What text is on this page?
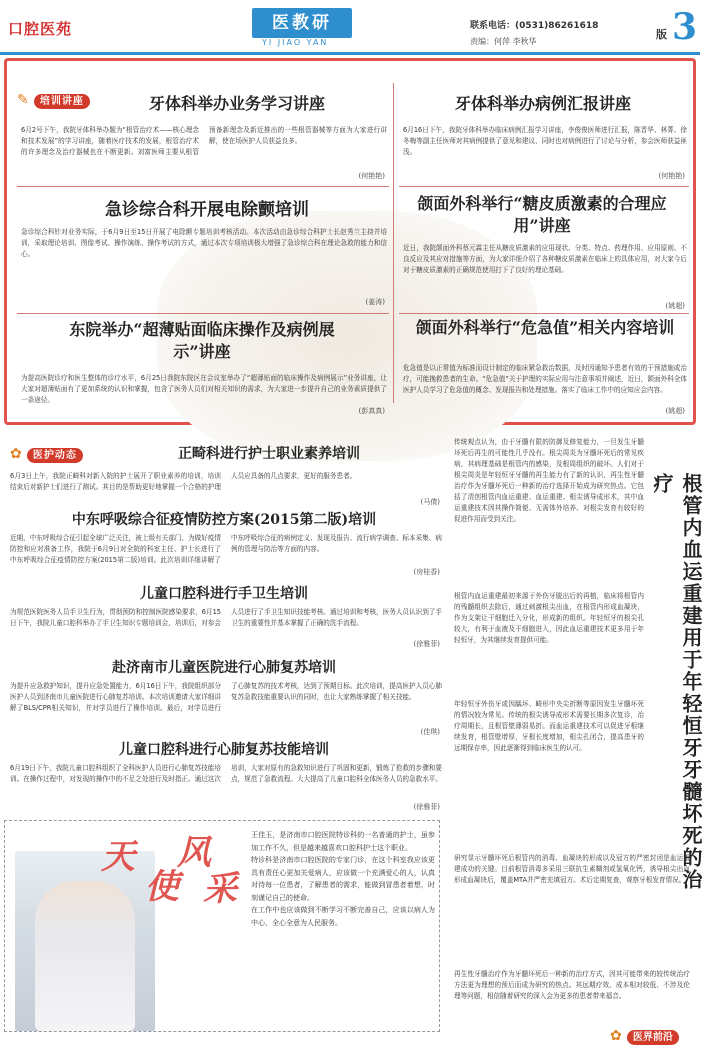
口腔医苑	医教研
YI JIAO YAN
联系电话：(0531)86261618
责编：何萍 李秋华
版 3
✎ 培训讲座	牙体科举办业务学习讲座
6月2号下午，我院牙体科举办题为“根管治疗术——核心理念和技术发展”的学习讲座，随着医疗技术的发展，根管治疗术的许多理念及治疗器械也在不断更新。刘富医师主要从根管预备新理念及新近推出的一些根管器械等方面为大家进行讲解，使在场医护人员获益良多。
(何艳艳)
牙体科举办病例汇报讲座
6月16日下午，我院牙体科举办临床病例汇报学习讲座，李俊俊医师进行汇报，陈晋华、林菁、徐冬梅等副主任医师对其病例提供了意见和建议，同时也对病例进行了讨论与分析，参会医师获益匪浅。
(何艳艳)
急诊综合科开展电除颤培训
急诊综合科针对业务实际，于6月9日至15日开展了电除颤专题培训考核活动。本次活动由急诊综合科护士长赵秀兰主持并培训，采取理论培训、图像考试、操作演练、操作考试的方式，通过本次专项培训极大增强了急诊综合科在理论急救的能力和信心。
(姜涛)
颌面外科举行“糖皮质激素的合理应用”讲座
近日，我院颌面外科蔡元霖主任从糖皮质激素的应用现状、分类、特点、药理作用、应用原则、不良反应及其应对措施等方面，为大家详细介绍了各种糖皮质激素在临床上的具体应用，对大家今后对于糖皮质激素的正确规范使用打下了良好的理论基础。
(姚超)
东院举办“超薄贴面临床操作及病例展示”讲座
为提高医院诊疗和医生整体的诊疗水平，6月25日我院东院区在会议室举办了“超薄贴面的临床操作及病例展示”业务讲座，让大家对超薄贴面有了更加系统的认识和掌握，包含了医务人员们对相关知识的需求，为大家进一步提升自己的业务素质提供了一条途径。
(彭真真)
颌面外科举行“危急值”相关内容培训
危急值是以正常值为标准而设计制定的临床紧急救治数据，及时因通知予患者有效的干预措施或治疗，可能挽救患者的生命。“危急值”关于护理的实际应用与注意事项并阐述，近日，颌面外科全体医护人员学习了危急值的概念、发现报告和处理措施。落实了临床工作中的应知应会内容。
(姚超)
✿ 医护动态	正畸科进行护士职业素养培训
6月3日上午，我院正畸科对新入院的护士展开了职业素养的培训，培训结束后对新护士们进行了测试。其目的是帮助更好地掌握一个合格的护理人员应具备的几点要求，更好的服务患者。
(马倩)
中东呼吸综合征疫情防控方案(2015第二版)培训
近期，中东呼吸综合征引起全球广泛关注，被上级有关部门、为做好疫情防控和应对准备工作，我院于6月9日对全院的科室主任、护士长进行了中东呼吸综合征疫情防控方案(2015第二版)培训。此次培训详细讲解了中东呼吸综合征的病例定义、发现及报告、流行病学调查、标本采集、病例的管理与防治等方面的内容。
(房桂香)
儿童口腔科进行手卫生培训
为规范医院医务人员手卫生行为，贯彻预防和控制医院感染要求，6月15日下午，我院儿童口腔科举办了手卫生知识专题培训会，培训后，对参会人员进行了手卫生知识技能考核。通过培训和考核，医务人员认识到了手卫生的重要性并基本掌握了正确的洗手流程。
(徐雅菲)
赴济南市儿童医院进行心肺复苏培训
为提升应急救护知识，提升应急处置能力，6月16日下午，我院组织部分医护人员到济南市儿童医院进行心肺复苏培训。本次培训邀请大家详细讲解了BLS/CPR相关知识，并对学员进行了操作培训。最后，对学员进行了心肺复苏的技术考核，达到了预期目标。此次培训，提高医护人员心肺复苏急救技能重要认识的同时，也让大家熟练掌握了相关技能。
(佳琪)
儿童口腔科进行心肺复苏技能培训
6月19日下午，我院儿童口腔科组织了全科医护人员进行心肺复苏技能培训。在操作过程中，对发现的操作中的不足之处进行及时指正。通过这次培训，大家对原有的急救知识进行了巩固和更新，锻炼了抢救的步骤和要点，规范了急救流程。大大提高了儿童口腔科全体医务人员的急救水平。
(徐雅菲)
天
使
风
采
王佳玉，是济南市口腔医院特诊科的一名普通的护士，虽参加工作不久，但是越来越喜欢口腔科护士这个职业。
特诊科是济南市口腔医院的专家门诊，在这个科室我应该更具有责任心更加关爱病人，应该做一个充满爱心的人，认真对待每一位患者，了解患者的需求，能做到冒患者着想，时刻谨记自己的使命。
在工作中也应该做到不断学习不断完善自己，应该以病人为中心，全心全意为人民服务。
传统观点认为，由于牙髓有限的防御及修复能力，一旦发生牙髓坏死后再生的可能性几乎没有。根尖周炎为牙髓坏死后的常见疾病，其病理基础是根管内的感染，及根周组织的破坏。人们对于根尖周炎是年轻恒牙牙髓的再生能力有了新的认识，再生性牙髓治疗作为牙髓坏死后一种新的治疗选择开始成为研究热点。它包括了清创根管内血运重建、血运重建、根尖诱导成形术，其中血运重建技术因其操作简便、无需体外培养、对根尖发育有较好的促进作用而受到关注。	根管内血运重建用于年轻恒牙牙髓坏死的治疗
根管内血运重建最初来源于外伤牙脱出后的再植，临床将根管内的残髓组织去除后，通过刺激根尖出血，在根管内形成血凝块，作为支架让干细胞迁入分化，形成新的组织。年轻恒牙的根尖孔较大，有利于血液及干细胞进入，因此血运重建技术更多用于年轻恒牙，为其继续发育提供可能。
年轻恒牙外伤牙或因龋坏、畸形中央尖折断等原因发生牙髓坏死的情况较为常见。传统的根尖诱导成形术需要长期多次复诊，治疗周期长，且根管壁薄弱易折。而血运重建技术可以促进牙根继续发育，根管壁增厚，牙根长度增加，根尖孔闭合，提高患牙的远期保存率，因此逐渐得到临床医生的认可。
研究显示牙髓坏死后根管内的消毒、血凝块的形成以及冠方的严密封闭是血运重建成功的关键。目前根管消毒多采用三联抗生素糊剂或氢氧化钙，诱导根尖出血形成血凝块后，覆盖MTA并严密充填冠方。术后定期复查，观察牙根发育情况。
再生性牙髓治疗作为牙髓坏死后一种新的治疗方式，因其可能带来的较传统治疗方法更为理想的预后而成为研究的热点。其远期疗效、成本相对较低、不涉及伦理等问题，相信随着研究的深入会为更多的患者带来福音。
✿ 医界前沿
